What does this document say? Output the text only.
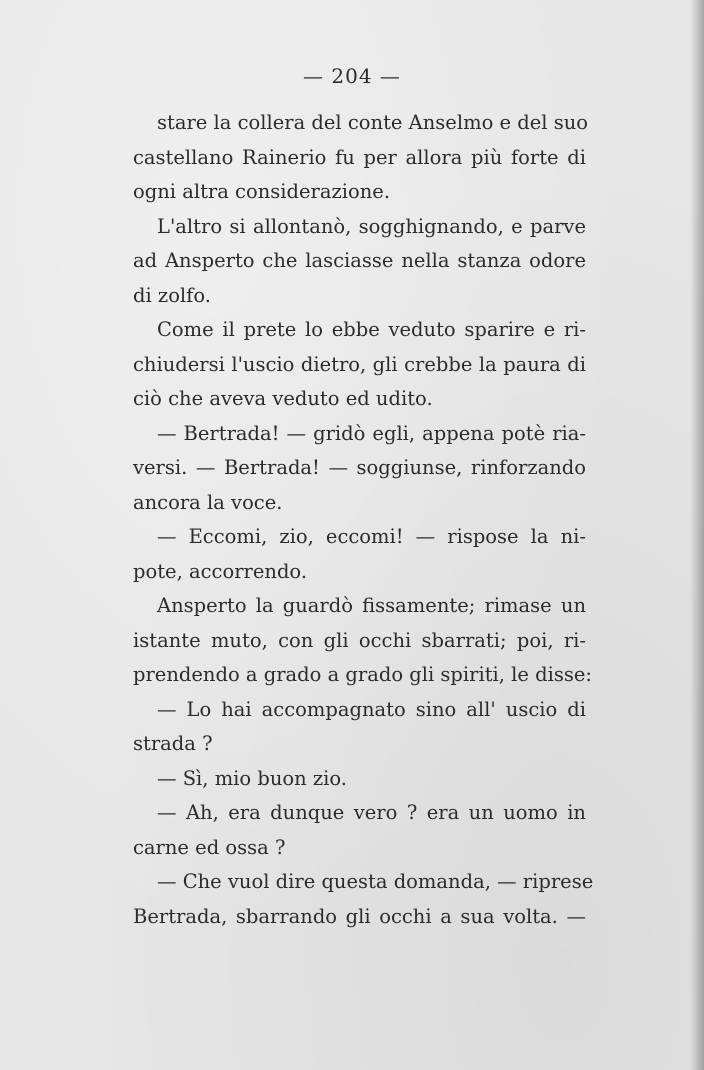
— 204 —
stare la collera del conte Anselmo e del suo
castellano Rainerio fu per allora più forte di
ogni altra considerazione.
L'altro si allontanò, sogghignando, e parve
ad Ansperto che lasciasse nella stanza odore
di zolfo.
Come il prete lo ebbe veduto sparire e ri-
chiudersi l'uscio dietro, gli crebbe la paura di
ciò che aveva veduto ed udito.
— Bertrada! — gridò egli, appena potè ria-
versi. — Bertrada! — soggiunse, rinforzando
ancora la voce.
— Eccomi, zio, eccomi! — rispose la ni-
pote, accorrendo.
Ansperto la guardò fissamente; rimase un
istante muto, con gli occhi sbarrati; poi, ri-
prendendo a grado a grado gli spiriti, le disse:
— Lo hai accompagnato sino all' uscio di
strada ?
— Sì, mio buon zio.
— Ah, era dunque vero ? era un uomo in
carne ed ossa ?
— Che vuol dire questa domanda, — riprese
Bertrada, sbarrando gli occhi a sua volta. —
